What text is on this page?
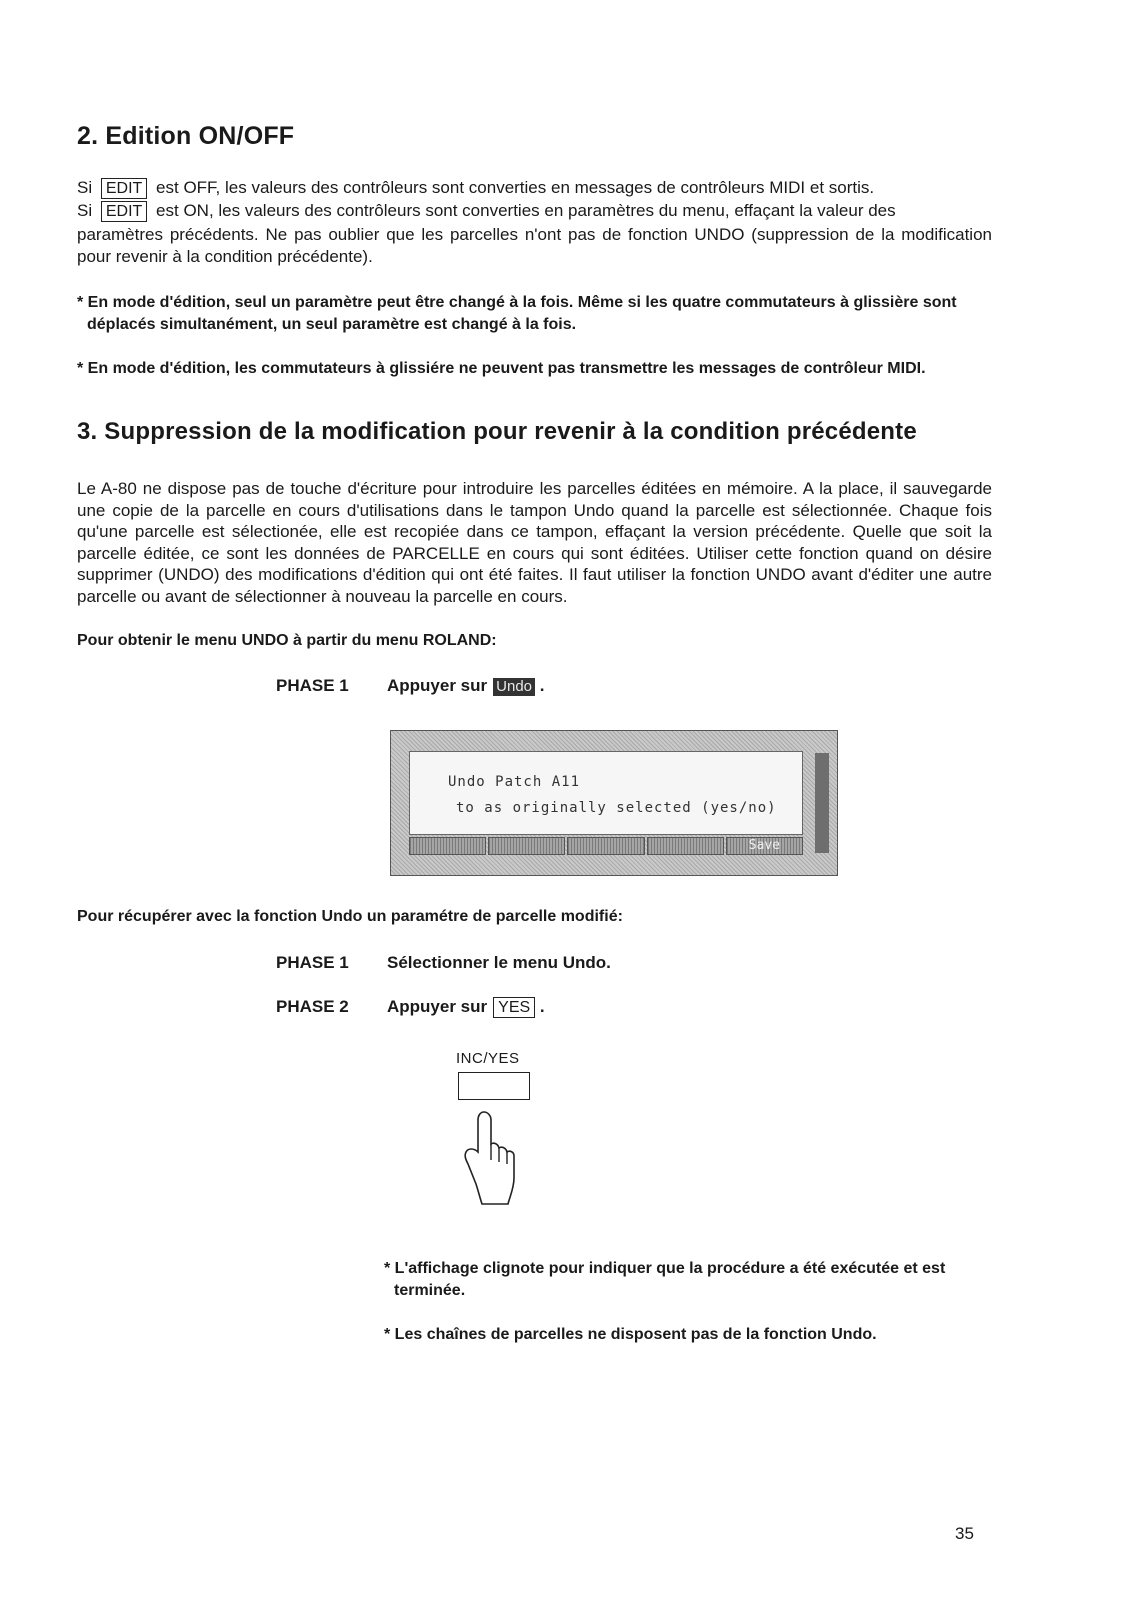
2. Edition ON/OFF
Si EDIT est OFF, les valeurs des contrôleurs sont converties en messages de contrôleurs MIDI et sortis.
Si EDIT est ON, les valeurs des contrôleurs sont converties en paramètres du menu, effaçant la valeur des

paramètres précédents. Ne pas oublier que les parcelles n'ont pas de fonction UNDO (suppression de la modification pour revenir à la condition précédente).

* En mode d'édition, seul un paramètre peut être changé à la fois. Même si les quatre commutateurs à glissière sont déplacés simultanément, un seul paramètre est changé à la fois.

* En mode d'édition, les commutateurs à glissiére ne peuvent pas transmettre les messages de contrôleur MIDI.

3. Suppression de la modification pour revenir à la condition précédente

Le A-80 ne dispose pas de touche d'écriture pour introduire les parcelles éditées en mémoire. A la place, il sauvegarde une copie de la parcelle en cours d'utilisations dans le tampon Undo quand la parcelle est sélectionnée. Chaque fois qu'une parcelle est sélectionée, elle est recopiée dans ce tampon, effaçant la version précédente. Quelle que soit la parcelle éditée, ce sont les données de PARCELLE en cours qui sont éditées. Utiliser cette fonction quand on désire supprimer (UNDO) des modifications d'édition qui ont été faites. Il faut utiliser la fonction UNDO avant d'éditer une autre parcelle ou avant de sélectionner à nouveau la parcelle en cours.

Pour obtenir le menu UNDO à partir du menu ROLAND:

PHASE 1 Appuyer sur Undo .
Undo Patch A11
to as originally selected (yes/no)
Save

Pour récupérer avec la fonction Undo un paramétre de parcelle modifié:

PHASE 1 Sélectionner le menu Undo.
PHASE 2 Appuyer sur YES .
INC/YES

* L'affichage clignote pour indiquer que la procédure a été exécutée et est terminée.

* Les chaînes de parcelles ne disposent pas de la fonction Undo.

35
